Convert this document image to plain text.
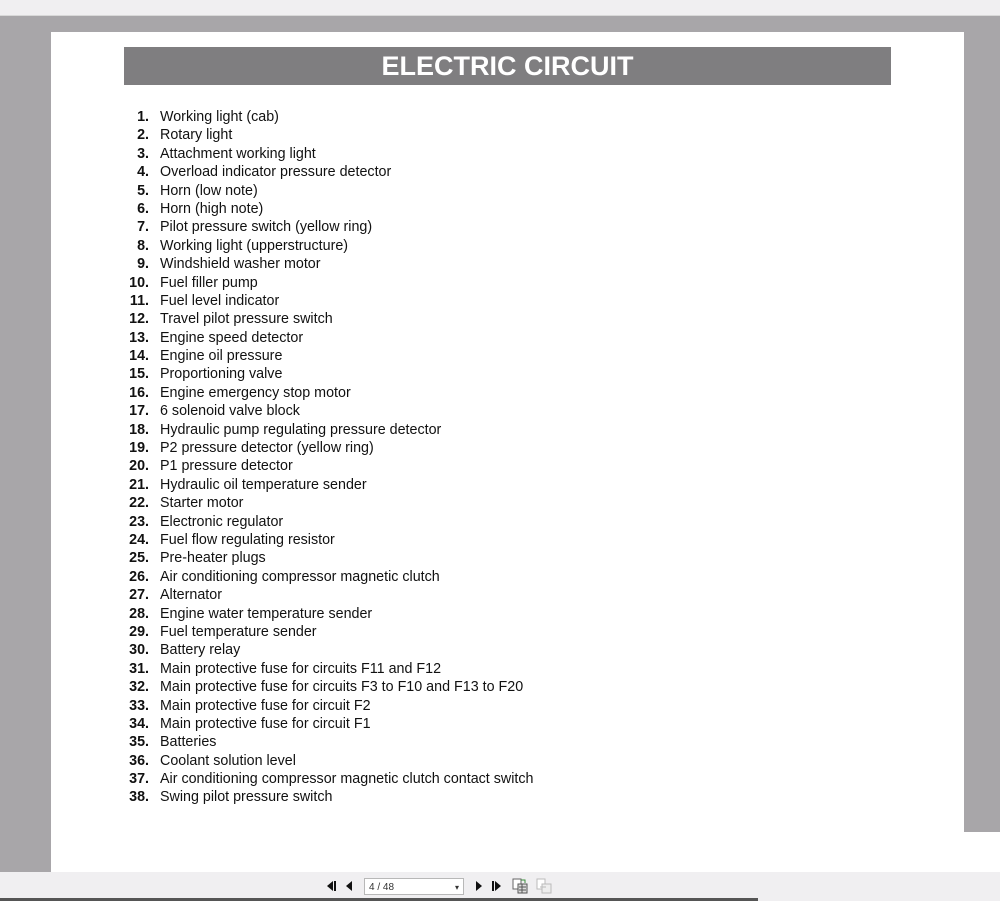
ELECTRIC CIRCUIT
1. Working light (cab)
2. Rotary light
3. Attachment working light
4. Overload indicator pressure detector
5. Horn (low note)
6. Horn (high note)
7. Pilot pressure switch (yellow ring)
8. Working light (upperstructure)
9. Windshield washer motor
10. Fuel filler pump
11. Fuel level indicator
12. Travel pilot pressure switch
13. Engine speed detector
14. Engine oil pressure
15. Proportioning valve
16. Engine emergency stop motor
17. 6 solenoid valve block
18. Hydraulic pump regulating pressure detector
19. P2 pressure detector (yellow ring)
20. P1 pressure detector
21. Hydraulic oil temperature sender
22. Starter motor
23. Electronic regulator
24. Fuel flow regulating resistor
25. Pre-heater plugs
26. Air conditioning compressor magnetic clutch
27. Alternator
28. Engine water temperature sender
29. Fuel temperature sender
30. Battery relay
31. Main protective fuse for circuits F11 and F12
32. Main protective fuse for circuits F3 to F10 and F13 to F20
33. Main protective fuse for circuit F2
34. Main protective fuse for circuit F1
35. Batteries
36. Coolant solution level
37. Air conditioning compressor magnetic clutch contact switch
38. Swing pilot pressure switch
4 / 48	▾
